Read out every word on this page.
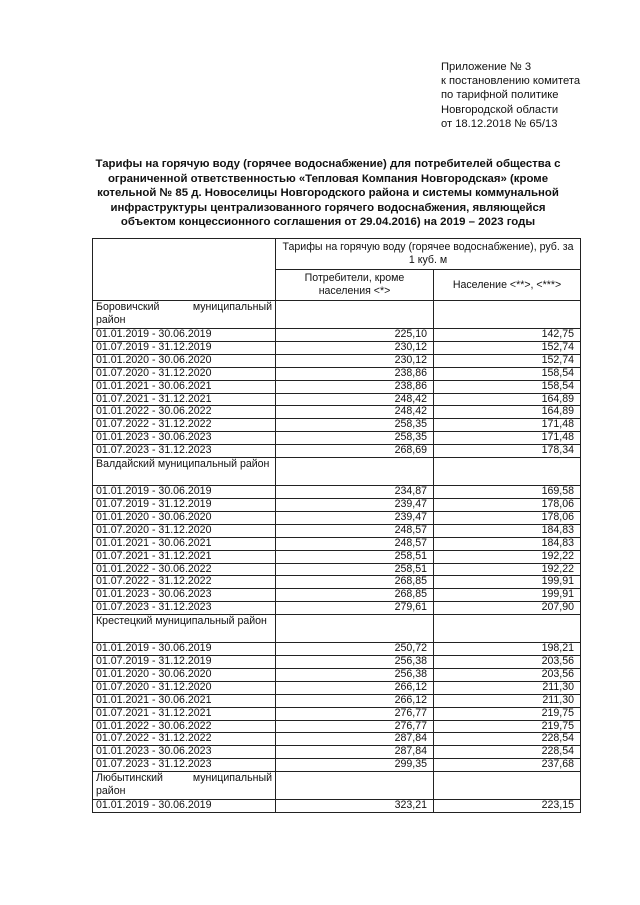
Приложение № 3
к постановлению комитета
по тарифной политике
Новгородской области
от 18.12.2018 № 65/13
Тарифы на горячую воду (горячее водоснабжение) для потребителей общества с
ограниченной ответственностью «Тепловая Компания Новгородская» (кроме
котельной № 85 д. Новоселицы Новгородского района и системы коммунальной
инфраструктуры централизованного горячего водоснабжения, являющейся
объектом концессионного соглашения от 29.04.2016) на 2019 – 2023 годы
	Тарифы на горячую воду (горячее водоснабжение), руб. за 1 куб. м	
	Потребители, кроме населения <*>	Население <**>, <***>

Боровичский муниципальный район		

01.01.2019 - 30.06.2019	225,10	142,75
01.07.2019 - 31.12.2019	230,12	152,74
01.01.2020 - 30.06.2020	230,12	152,74
01.07.2020 - 31.12.2020	238,86	158,54
01.01.2021 - 30.06.2021	238,86	158,54
01.07.2021 - 31.12.2021	248,42	164,89
01.01.2022 - 30.06.2022	248,42	164,89
01.07.2022 - 31.12.2022	258,35	171,48
01.01.2023 - 30.06.2023	258,35	171,48
01.07.2023 - 31.12.2023	268,69	178,34

Валдайский муниципальный район		

01.01.2019 - 30.06.2019	234,87	169,58
01.07.2019 - 31.12.2019	239,47	178,06
01.01.2020 - 30.06.2020	239,47	178,06
01.07.2020 - 31.12.2020	248,57	184,83
01.01.2021 - 30.06.2021	248,57	184,83
01.07.2021 - 31.12.2021	258,51	192,22
01.01.2022 - 30.06.2022	258,51	192,22
01.07.2022 - 31.12.2022	268,85	199,91
01.01.2023 - 30.06.2023	268,85	199,91
01.07.2023 - 31.12.2023	279,61	207,90

Крестецкий муниципальный район		

01.01.2019 - 30.06.2019	250,72	198,21
01.07.2019 - 31.12.2019	256,38	203,56
01.01.2020 - 30.06.2020	256,38	203,56
01.07.2020 - 31.12.2020	266,12	211,30
01.01.2021 - 30.06.2021	266,12	211,30
01.07.2021 - 31.12.2021	276,77	219,75
01.01.2022 - 30.06.2022	276,77	219,75
01.07.2022 - 31.12.2022	287,84	228,54
01.01.2023 - 30.06.2023	287,84	228,54
01.07.2023 - 31.12.2023	299,35	237,68

Любытинский муниципальный район		

01.01.2019 - 30.06.2019	323,21	223,15
